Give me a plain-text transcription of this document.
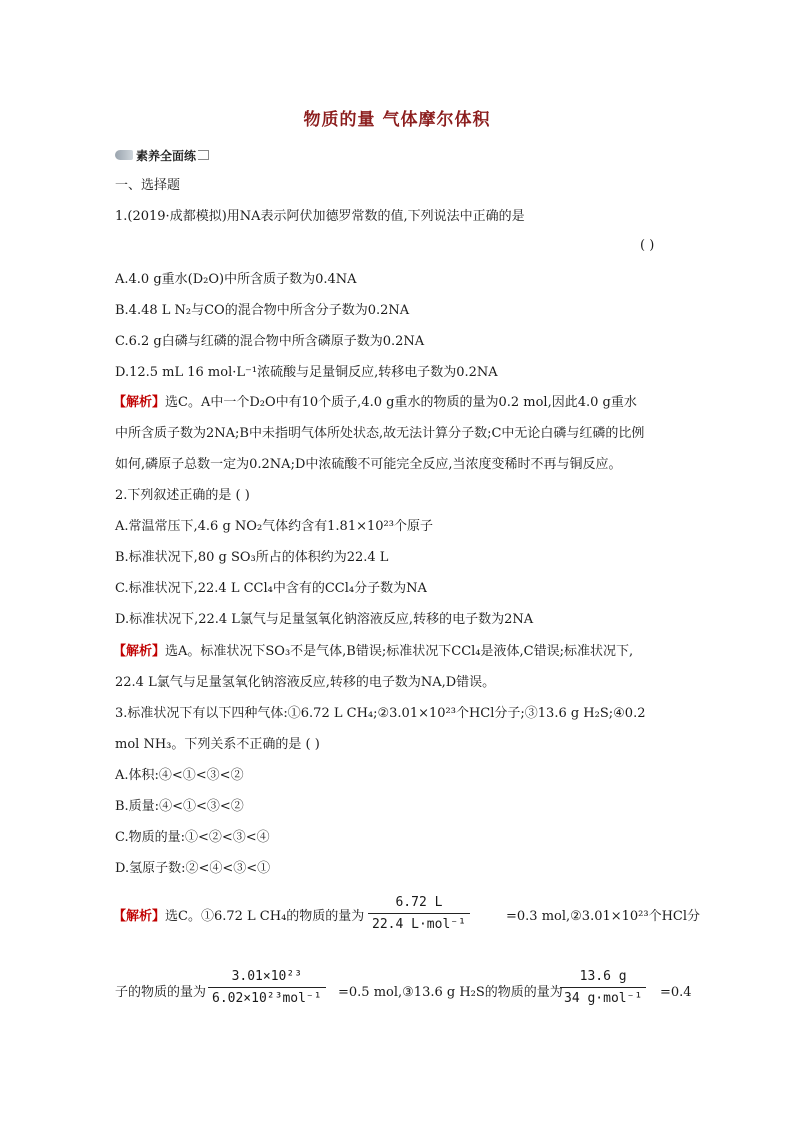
物质的量 气体摩尔体积
素养全面练
一、选择题
1.(2019·成都模拟)用NA表示阿伏加德罗常数的值,下列说法中正确的是
( )
A.4.0 g重水(D₂O)中所含质子数为0.4NA
B.4.48 L N₂与CO的混合物中所含分子数为0.2NA
C.6.2 g白磷与红磷的混合物中所含磷原子数为0.2NA
D.12.5 mL 16 mol·L⁻¹浓硫酸与足量铜反应,转移电子数为0.2NA
【解析】选C。A中一个D₂O中有10个质子,4.0 g重水的物质的量为0.2 mol,因此4.0 g重水
中所含质子数为2NA;B中未指明气体所处状态,故无法计算分子数;C中无论白磷与红磷的比例
如何,磷原子总数一定为0.2NA;D中浓硫酸不可能完全反应,当浓度变稀时不再与铜反应。
2.下列叙述正确的是 ( )
A.常温常压下,4.6 g NO₂气体约含有1.81×10²³个原子
B.标准状况下,80 g SO₃所占的体积约为22.4 L
C.标准状况下,22.4 L CCl₄中含有的CCl₄分子数为NA
D.标准状况下,22.4 L氯气与足量氢氧化钠溶液反应,转移的电子数为2NA
【解析】选A。标准状况下SO₃不是气体,B错误;标准状况下CCl₄是液体,C错误;标准状况下,
22.4 L氯气与足量氢氧化钠溶液反应,转移的电子数为NA,D错误。
3.标准状况下有以下四种气体:①6.72 L CH₄;②3.01×10²³个HCl分子;③13.6 g H₂S;④0.2
mol NH₃。下列关系不正确的是 ( )
A.体积:④<①<③<②
B.质量:④<①<③<②
C.物质的量:①<②<③<④
D.氢原子数:②<④<③<①
【解析】选C。①6.72 L CH₄的物质的量为
6.72 L
22.4 L·mol⁻¹
=0.3 mol,②3.01×10²³个HCl分
子的物质的量为
3.01×10²³
6.02×10²³mol⁻¹	=0.5 mol,③13.6 g H₂S的物质的量为
13.6 g
34 g·mol⁻¹	=0.4
